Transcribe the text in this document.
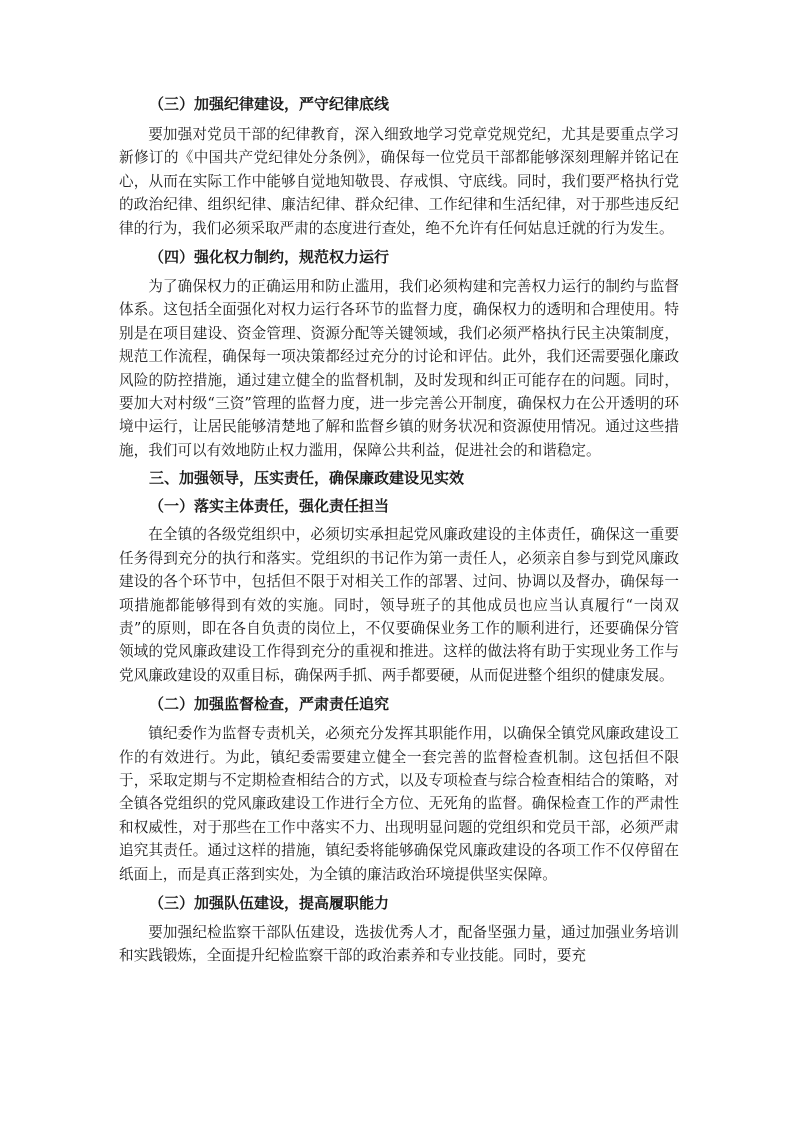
（三）加强纪律建设，严守纪律底线

要加强对党员干部的纪律教育，深入细致地学习党章党规党纪，尤其是要重点学习新修订的《中国共产党纪律处分条例》，确保每一位党员干部都能够深刻理解并铭记在心，从而在实际工作中能够自觉地知敬畏、存戒惧、守底线。同时，我们要严格执行党的政治纪律、组织纪律、廉洁纪律、群众纪律、工作纪律和生活纪律，对于那些违反纪律的行为，我们必须采取严肃的态度进行查处，绝不允许有任何姑息迁就的行为发生。

（四）强化权力制约，规范权力运行

为了确保权力的正确运用和防止滥用，我们必须构建和完善权力运行的制约与监督体系。这包括全面强化对权力运行各环节的监督力度，确保权力的透明和合理使用。特别是在项目建设、资金管理、资源分配等关键领域，我们必须严格执行民主决策制度，规范工作流程，确保每一项决策都经过充分的讨论和评估。此外，我们还需要强化廉政风险的防控措施，通过建立健全的监督机制，及时发现和纠正可能存在的问题。同时，要加大对村级“三资”管理的监督力度，进一步完善公开制度，确保权力在公开透明的环境中运行，让居民能够清楚地了解和监督乡镇的财务状况和资源使用情况。通过这些措施，我们可以有效地防止权力滥用，保障公共利益，促进社会的和谐稳定。

三、加强领导，压实责任，确保廉政建设见实效

（一）落实主体责任，强化责任担当

在全镇的各级党组织中，必须切实承担起党风廉政建设的主体责任，确保这一重要任务得到充分的执行和落实。党组织的书记作为第一责任人，必须亲自参与到党风廉政建设的各个环节中，包括但不限于对相关工作的部署、过问、协调以及督办，确保每一项措施都能够得到有效的实施。同时，领导班子的其他成员也应当认真履行“一岗双责”的原则，即在各自负责的岗位上，不仅要确保业务工作的顺利进行，还要确保分管领域的党风廉政建设工作得到充分的重视和推进。这样的做法将有助于实现业务工作与党风廉政建设的双重目标，确保两手抓、两手都要硬，从而促进整个组织的健康发展。

（二）加强监督检查，严肃责任追究

镇纪委作为监督专责机关，必须充分发挥其职能作用，以确保全镇党风廉政建设工作的有效进行。为此，镇纪委需要建立健全一套完善的监督检查机制。这包括但不限于，采取定期与不定期检查相结合的方式，以及专项检查与综合检查相结合的策略，对全镇各党组织的党风廉政建设工作进行全方位、无死角的监督。确保检查工作的严肃性和权威性，对于那些在工作中落实不力、出现明显问题的党组织和党员干部，必须严肃追究其责任。通过这样的措施，镇纪委将能够确保党风廉政建设的各项工作不仅停留在纸面上，而是真正落到实处，为全镇的廉洁政治环境提供坚实保障。

（三）加强队伍建设，提高履职能力

要加强纪检监察干部队伍建设，选拔优秀人才，配备坚强力量，通过加强业务培训和实践锻炼，全面提升纪检监察干部的政治素养和专业技能。同时，要充
